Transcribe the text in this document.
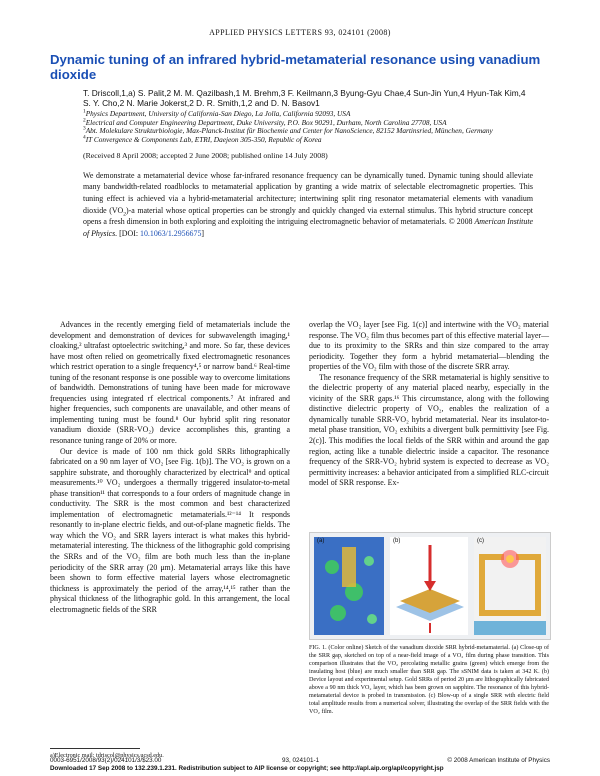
APPLIED PHYSICS LETTERS 93, 024101 (2008)
Dynamic tuning of an infrared hybrid-metamaterial resonance using vanadium dioxide

T. Driscoll,1,a) S. Palit,2 M. M. Qazilbash,1 M. Brehm,3 F. Keilmann,3 Byung-Gyu Chae,4 Sun-Jin Yun,4 Hyun-Tak Kim,4 S. Y. Cho,2 N. Marie Jokerst,2 D. R. Smith,1,2 and D. N. Basov1

$^1$Physics Department, University of California-San Diego, La Jolla, California 92093, USA

$^2$Electrical and Computer Engineering Department, Duke University, P.O. Box 90291, Durham, North Carolina 27708, USA

$^3$Abt. Molekulare Strukturbiologie, Max-Planck-Institut für Biochemie and Center for NanoScience, 82152 Martinsried, München, Germany

$^4$IT Convergence & Components Lab, ETRI, Daejeon 305-350, Republic of Korea

(Received 8 April 2008; accepted 2 June 2008; published online 14 July 2008)

We demonstrate a metamaterial device whose far-infrared resonance frequency can be dynamically tuned. Dynamic tuning should alleviate many bandwidth-related roadblocks to metamaterial application by granting a wide matrix of selectable electromagnetic properties. This tuning effect is achieved via a hybrid-metamaterial architecture; intertwining split ring resonator metamaterial elements with vanadium dioxide $(VO_2)-a$ material whose optical properties can be strongly and quickly changed via external stimulus. This hybrid structure concept opens a fresh dimension in both exploring and exploiting the intriguing electromagnetic behavior of metamaterials. © 2008 American Institute of Physics. [DOI: 10.1063/1.2956675]

Advances in the recently emerging field of metamaterials include the development and demonstration of devices for subwavelength imaging,¹ cloaking,² ultrafast optoelectric switching,³ and more. So far, these devices have most often relied on geometrically fixed electromagnetic resonances which restrict operation to a single frequency⁴,⁵ or narrow band.⁶ Real-time tuning of the resonant response is one possible way to overcome limitations of bandwidth. Demonstrations of tuning have been made for microwave frequencies using integrated rf electrical components.⁷ At infrared and higher frequencies, such components are unavailable, and other means of implementing tuning must be found.⁸ Our hybrid split ring resonator vanadium dioxide (SRR-VO₂) device accomplishes this, granting a resonance tuning range of 20% or more.

Our device is made of 100 nm thick gold SRRs lithographically fabricated on a 90 nm layer of VO₂ [see Fig. 1(b)]. The VO₂ is grown on a sapphire substrate, and thoroughly characterized by electrical⁹ and optical measurements.¹⁰ VO₂ undergoes a thermally triggered insulator-to-metal phase transition¹¹ that corresponds to a four orders of magnitude change in conductivity. The SRR is the most common and best characterized implementation of electromagnetic metamaterials.¹²⁻¹⁴ It responds resonantly to in-plane electric fields, and out-of-plane magnetic fields. The way which the VO₂ and SRR layers interact is what makes this hybrid-metamaterial interesting. The thickness of the lithographic gold comprising the SRRs and of the VO₂ film are both much less than the in-plane periodicity of the SRR array (20 μm). Metamaterial arrays like this have been shown to form effective material layers whose electromagnetic thickness is approximately the period of the array,¹⁴,¹⁵ rather than the physical thickness of the lithographic gold. In this arrangement, the local electromagnetic fields of the SRR

overlap the VO₂ layer [see Fig. 1(c)] and intertwine with the VO₂ material response. The VO₂ film thus becomes part of this effective material layer—due to its proximity to the SRRs and thin size compared to the array periodicity. Together they form a hybrid metamaterial—blending the properties of the VO₂ film with those of the discrete SRR array.

The resonance frequency of the SRR metamaterial is highly sensitive to the dielectric property of any material placed nearby, especially in the vicinity of the SRR gaps.¹⁶ This circumstance, along with the following distinctive dielectric property of VO₂, enables the realization of a dynamically tunable SRR-VO₂ hybrid metamaterial. Near its insulator-to-metal phase transition, VO₂ exhibits a divergent bulk permittivity [see Fig. 2(c)]. This modifies the local fields of the SRR within and around the gap region, acting like a tunable dielectric inside a capacitor. The resonance frequency of the SRR-VO₂ hybrid system is expected to decrease as VO₂ permittivity increases: a behavior anticipated from a simplified RLC-circuit model of SRR response. Ex-

(a)	(b)	(c)
FIG. 1. (Color online) Sketch of the vanadium dioxide SRR hybrid-metamaterial. (a) Close-up of the SRR gap, sketched on top of a near-field image of a VO₂ film during phase transition. This comparison illustrates that the VO₂ percolating metallic grains (green) which emerge from the insulating host (blue) are much smaller than SRR gap. The sSNIM data is taken at 342 K. (b) Device layout and experimental setup. Gold SRRs of period 20 μm are lithographically fabricated above a 90 nm thick VO₂ layer, which has been grown on sapphire. The resonance of this hybrid-metamaterial device is probed in transmission. (c) Blow-up of a single SRR with electric field total amplitude results from a numerical solver, illustrating the overlap of the SRR fields with the VO₂ film.
a)Electronic mail: tdriscol@physics.ucsd.edu.
0003-6951/2008/93(2)/024101/3/$23.00	93, 024101-1	© 2008 American Institute of Physics
Downloaded 17 Sep 2008 to 132.239.1.231. Redistribution subject to AIP license or copyright; see http://apl.aip.org/apl/copyright.jsp
